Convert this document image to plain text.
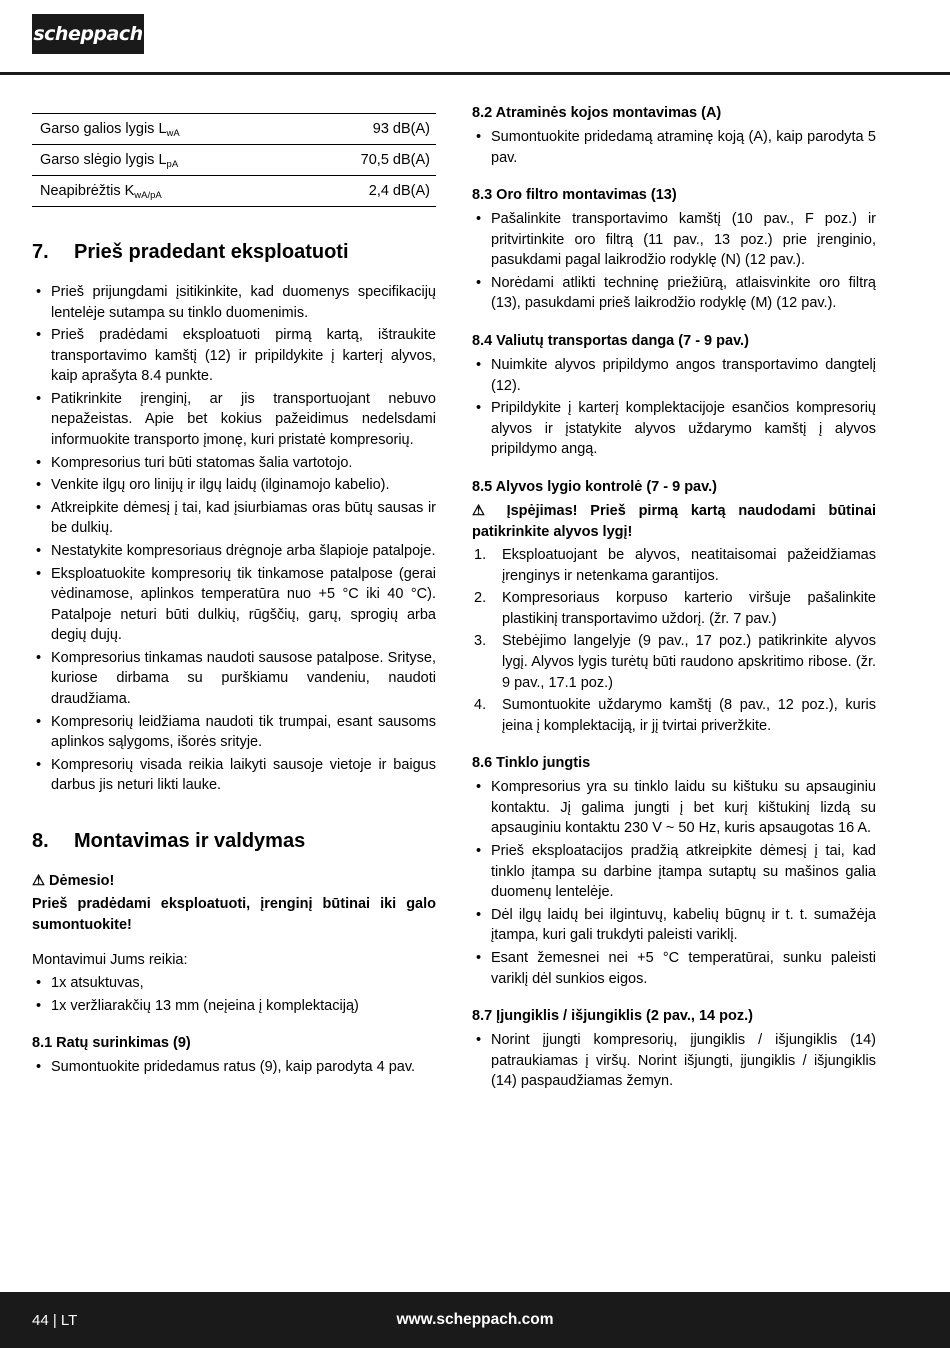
scheppach
Garso galios lygis $L_{wA}$	93 dB(A)
Garso slėgio lygis $L_{pA}$	70,5 dB(A)
Neapibrėžtis $K_{wA/pA}$	2,4 dB(A)
7.	Prieš pradedant eksploatuoti
• Prieš prijungdami įsitikinkite, kad duomenys specifikacijų lentelėje sutampa su tinklo duomenimis.
• Prieš pradėdami eksploatuoti pirmą kartą, ištraukite transportavimo kamštį (12) ir pripildykite į karterį alyvos, kaip aprašyta 8.4 punkte.
• Patikrinkite įrenginį, ar jis transportuojant nebuvo nepažeistas. Apie bet kokius pažeidimus nedelsdami informuokite transporto įmonę, kuri pristatė kompresorių.
• Kompresorius turi būti statomas šalia vartotojo.
• Venkite ilgų oro linijų ir ilgų laidų (ilginamojo kabelio).
• Atkreipkite dėmesį į tai, kad įsiurbiamas oras būtų sausas ir be dulkių.
• Nestatykite kompresoriaus drėgnoje arba šlapioje patalpoje.
• Eksploatuokite kompresorių tik tinkamose patalpose (gerai vėdinamose, aplinkos temperatūra nuo +5 °C iki 40 °C). Patalpoje neturi būti dulkių, rūgščių, garų, sprogių arba degių dujų.
• Kompresorius tinkamas naudoti sausose patalpose. Srityse, kuriose dirbama su purškiamu vandeniu, naudoti draudžiama.
• Kompresorių leidžiama naudoti tik trumpai, esant sausoms aplinkos sąlygoms, išorės srityje.
• Kompresorių visada reikia laikyti sausoje vietoje ir baigus darbus jis neturi likti lauke.
8.	Montavimas ir valdymas

⚠ Dėmesio!

Prieš pradėdami eksploatuoti, įrenginį būtinai iki galo sumontuokite!

Montavimui Jums reikia:

• 1x atsuktuvas,
• 1x veržliarakčių 13 mm (neįeina į komplektaciją)
8.1 Ratų surinkimas (9)
• Sumontuokite pridedamus ratus (9), kaip parodyta 4 pav.
8.2 Atraminės kojos montavimas (A)
• Sumontuokite pridedamą atraminę koją (A), kaip parodyta 5 pav.
8.3 Oro filtro montavimas (13)
• Pašalinkite transportavimo kamštį (10 pav., F poz.) ir pritvirtinkite oro filtrą (11 pav., 13 poz.) prie įrenginio, pasukdami pagal laikrodžio rodyklę (N) (12 pav.).
• Norėdami atlikti techninę priežiūrą, atlaisvinkite oro filtrą (13), pasukdami prieš laikrodžio rodyklę (M) (12 pav.).
8.4 Valiutų transportas danga (7 - 9 pav.)
• Nuimkite alyvos pripildymo angos transportavimo dangtelį (12).
• Pripildykite į karterį komplektacijoje esančios kompresorių alyvos ir įstatykite alyvos uždarymo kamštį į alyvos pripildymo angą.
8.5 Alyvos lygio kontrolė (7 - 9 pav.)

⚠ Įspėjimas! Prieš pirmą kartą naudodami būtinai patikrinkite alyvos lygį!

Eksploatuojant be alyvos, neatitaisomai pažeidžiamas įrenginys ir netenkama garantijos.
Kompresoriaus korpuso karterio viršuje pašalinkite plastikinį transportavimo uždorį. (žr. 7 pav.)
Stebėjimo langelyje (9 pav., 17 poz.) patikrinkite alyvos lygį. Alyvos lygis turėtų būti raudono apskritimo ribose. (žr. 9 pav., 17.1 poz.)
Sumontuokite uždarymo kamštį (8 pav., 12 poz.), kuris įeina į komplektaciją, ir jį tvirtai priveržkite.
8.6 Tinklo jungtis
• Kompresorius yra su tinklo laidu su kištuku su apsauginiu kontaktu. Jį galima jungti į bet kurį kištukinį lizdą su apsauginiu kontaktu 230 V ~ 50 Hz, kuris apsaugotas 16 A.
• Prieš eksploatacijos pradžią atkreipkite dėmesį į tai, kad tinklo įtampa su darbine įtampa sutaptų su mašinos galia duomenų lentelėje.
• Dėl ilgų laidų bei ilgintuvų, kabelių būgnų ir t. t. sumažėja įtampa, kuri gali trukdyti paleisti variklį.
• Esant žemesnei nei +5 °C temperatūrai, sunku paleisti variklį dėl sunkios eigos.
8.7 Įjungiklis / išjungiklis (2 pav., 14 poz.)
• Norint įjungti kompresorių, įjungiklis / išjungiklis (14) patraukiamas į viršų. Norint išjungti, įjungiklis / išjungiklis (14) paspaudžiamas žemyn.
44 | LT	www.scheppach.com
